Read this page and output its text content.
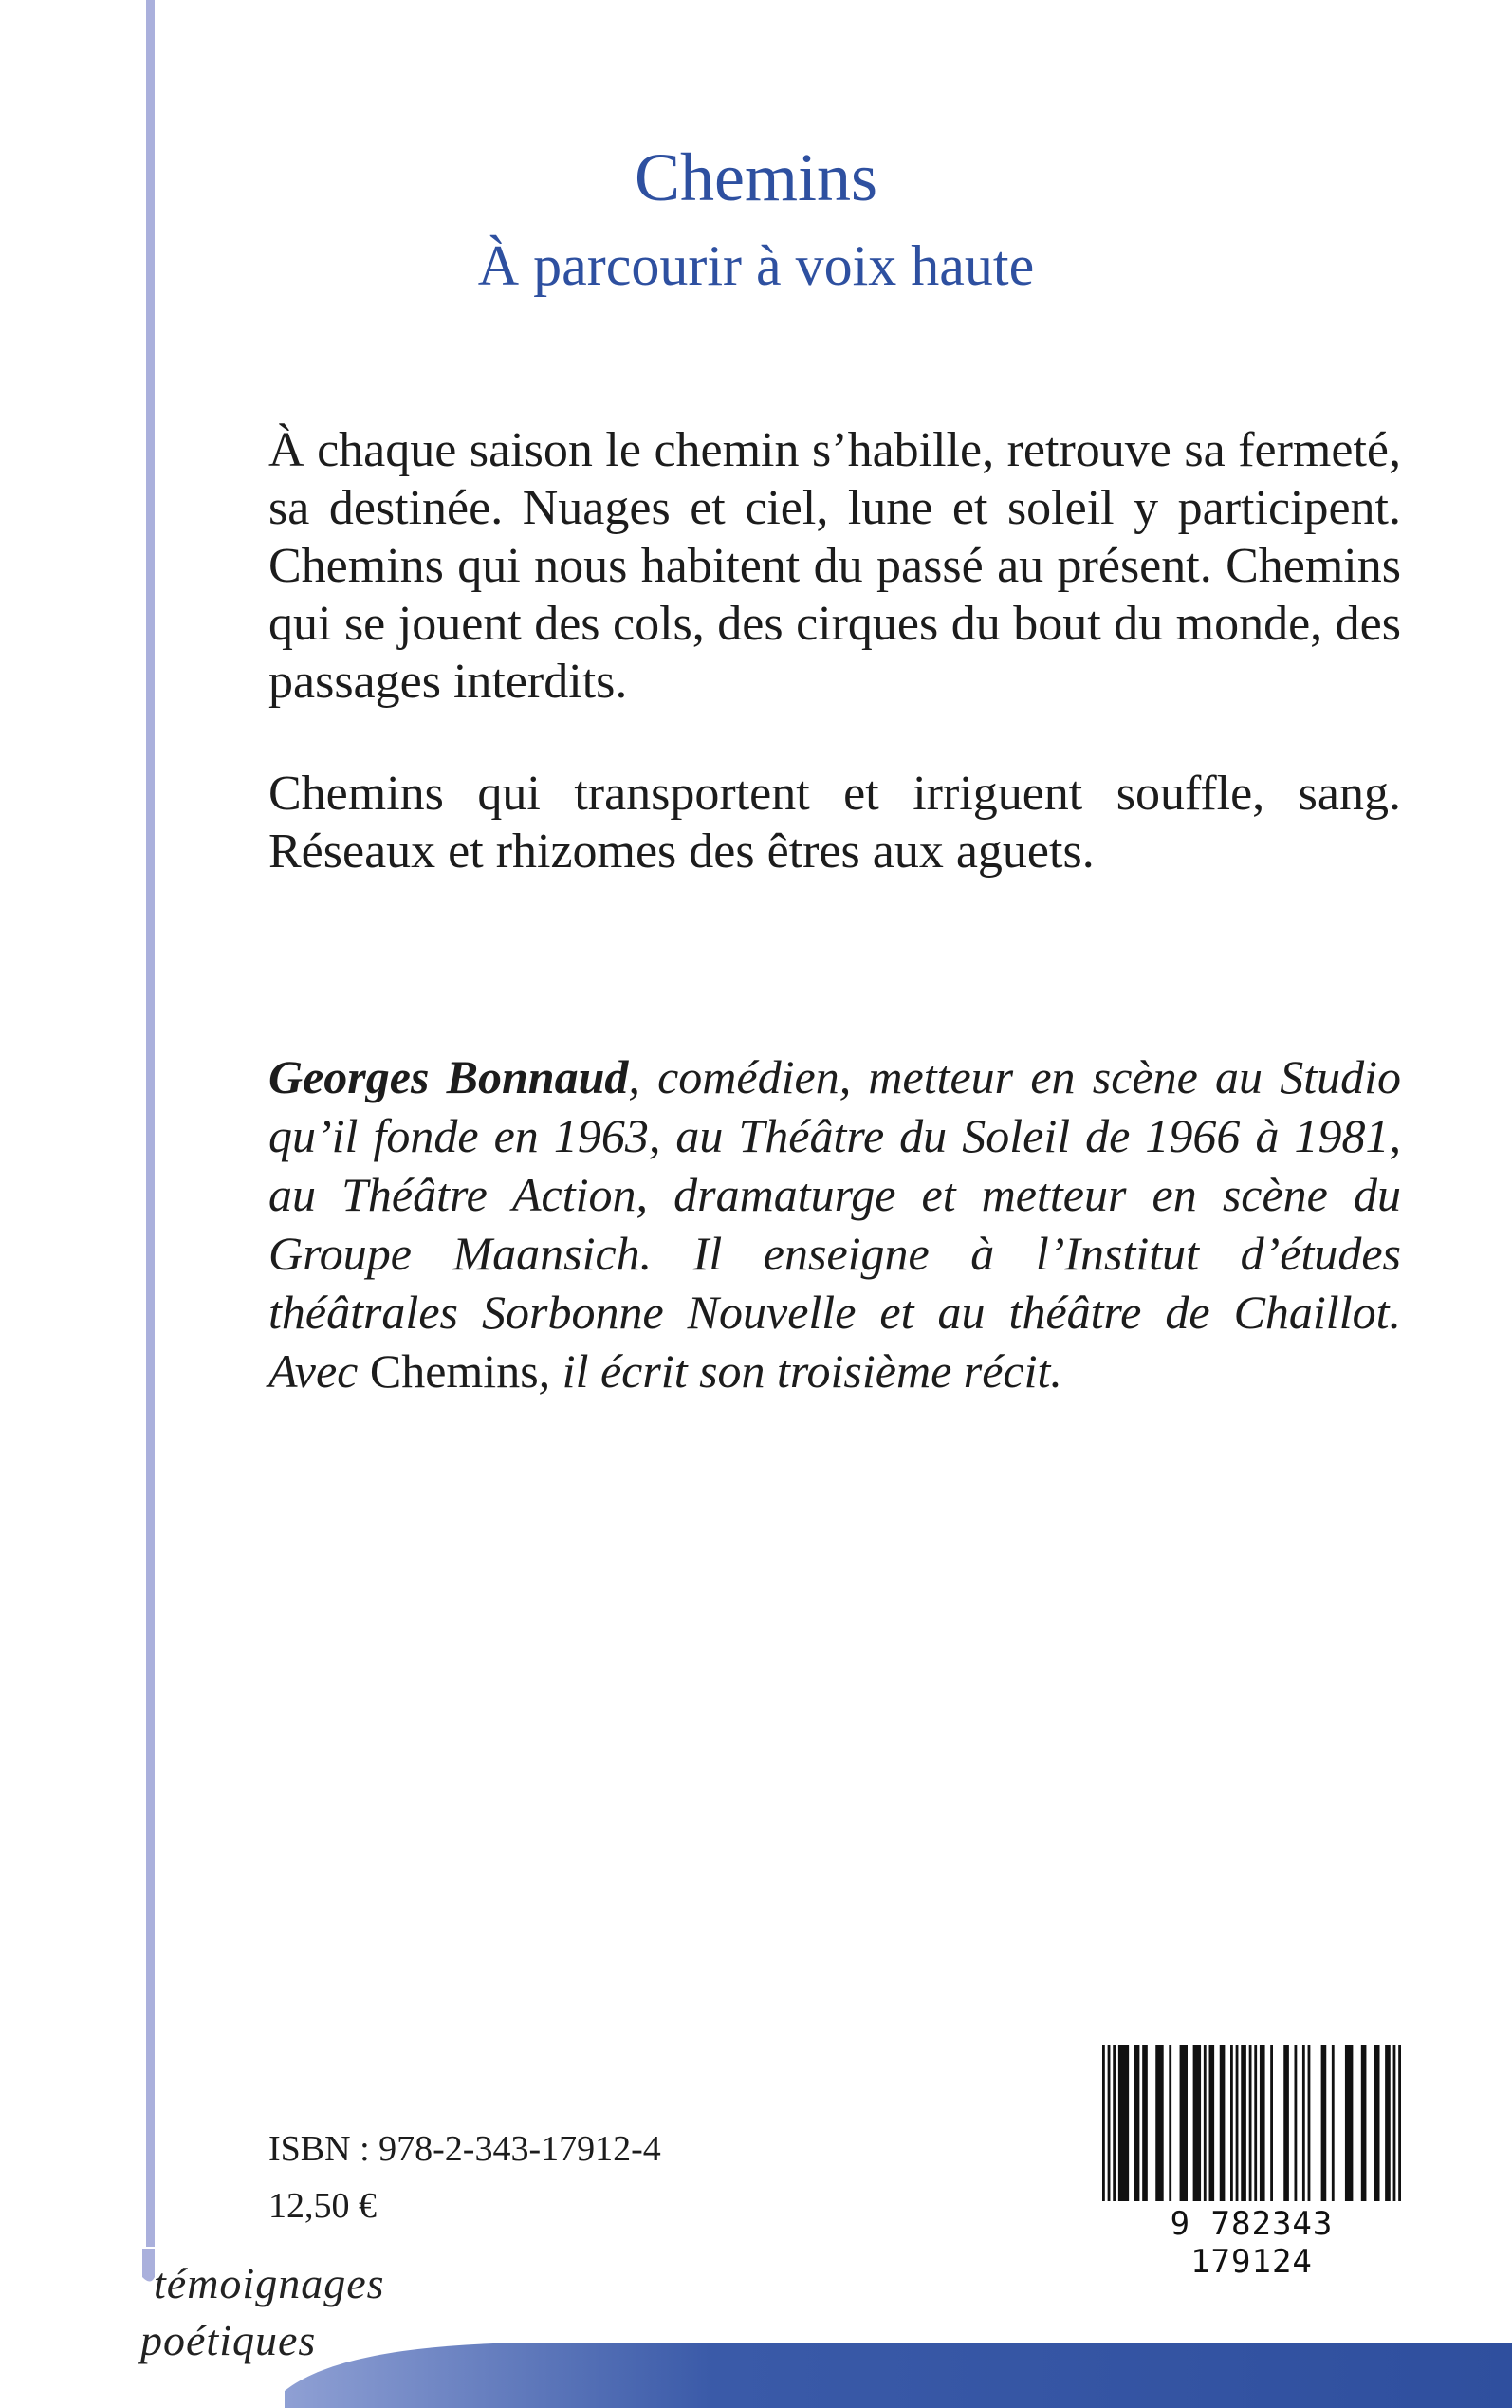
Chemins
À parcourir à voix haute

À chaque saison le chemin s’habille, retrouve sa fermeté, sa destinée. Nuages et ciel, lune et soleil y participent. Chemins qui nous habitent du passé au présent. Chemins qui se jouent des cols, des cirques du bout du monde, des passages interdits.

Chemins qui transportent et irriguent souffle, sang. Réseaux et rhizomes des êtres aux aguets.

Georges Bonnaud, comédien, metteur en scène au Studio qu’il fonde en 1963, au Théâtre du Soleil de 1966 à 1981, au Théâtre Action, dramaturge et metteur en scène du Groupe Maansich. Il enseigne à l’Institut d’études théâtrales Sorbonne Nouvelle et au théâtre de Chaillot. Avec Chemins, il écrit son troisième récit.

ISBN : 978-2-343-17912-4

12,50 €	9 782343 179124

témoignages

poétiques
